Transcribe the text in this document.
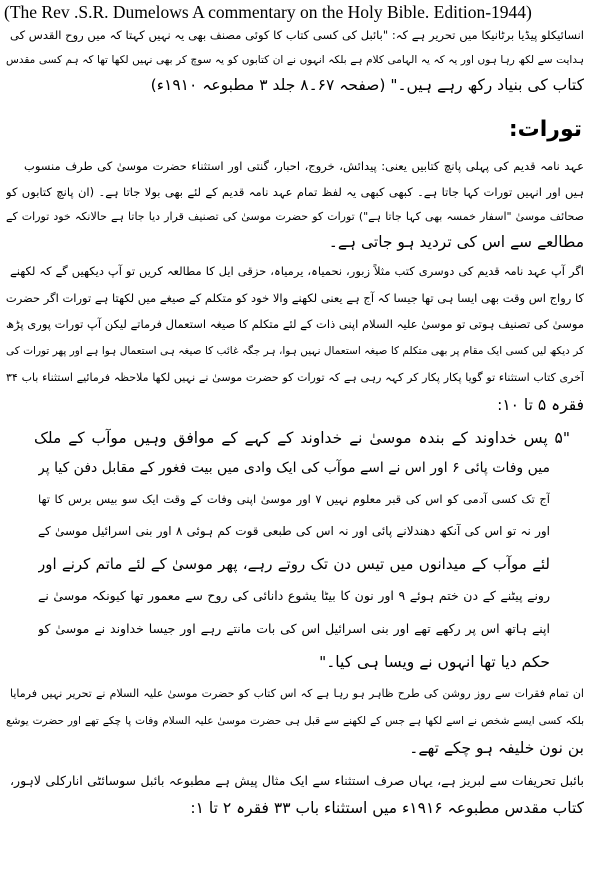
(The Rev .S.R. Dumelows A commentary on the Holy Bible. Edition-1944)
انسائیکلو پیڈیا برٹانیکا میں تحریر ہے کہ: "بائبل کی کسی کتاب کا کوئی مصنف بھی یہ نہیں کہتا کہ میں روح القدس کی
ہدایت سے لکھ رہا ہوں اور یہ کہ یہ الہامی کلام ہے بلکہ انہوں نے ان کتابوں کو یہ سوچ کر بھی نہیں لکھا تھا کہ ہم کسی مقدس
کتاب کی بنیاد رکھ رہے ہیں۔" (صفحہ ۶۷۔۸ جلد ۳ مطبوعہ ۱۹۱۰ء)
تورات:
عہد نامہ قدیم کی پہلی پانچ کتابیں یعنی: پیدائش، خروج، احبار، گنتی اور استثناء حضرت موسیٰ کی طرف منسوب
ہیں اور انہیں تورات کہا جاتا ہے۔ کبھی کبھی یہ لفظ تمام عہد نامہ قدیم کے لئے بھی بولا جاتا ہے۔ (ان پانچ کتابوں کو
صحائف موسیٰ "اسفار خمسہ بھی کہا جاتا ہے") تورات کو حضرت موسیٰ کی تصنیف قرار دیا جاتا ہے حالانکہ خود تورات کے
مطالعے سے اس کی تردید ہو جاتی ہے۔
اگر آپ عہد نامہ قدیم کی دوسری کتب مثلاً زبور، نحمیاہ، یرمیاہ، حزقی ایل کا مطالعہ کریں تو آپ دیکھیں گے کہ لکھنے
کا رواج اس وقت بھی ایسا ہی تھا جیسا کہ آج ہے یعنی لکھنے والا خود کو متکلم کے صیغے میں لکھتا ہے تورات اگر حضرت
موسیٰ کی تصنیف ہوتی تو موسیٰ علیہ السلام اپنی ذات کے لئے متکلم کا صیغہ استعمال فرماتے لیکن آپ تورات پوری پڑھ
کر دیکھ لیں کسی ایک مقام پر بھی متکلم کا صیغہ استعمال نہیں ہوا، ہر جگہ غائب کا صیغہ ہی استعمال ہوا ہے اور پھر تورات کی
آخری کتاب استثناء تو گویا پکار پکار کر کہہ رہی ہے کہ تورات کو حضرت موسیٰ نے نہیں لکھا ملاحظہ فرمائیے استثناء باب ۳۴
فقرہ ۵ تا ۱۰:
"۵ پس خداوند کے بندہ موسیٰ نے خداوند کے کہے کے موافق وہیں موآب کے ملک
میں وفات پائی ۶ اور اس نے اسے موآب کی ایک وادی میں بیت فغور کے مقابل دفن کیا پر
آج تک کسی آدمی کو اس کی قبر معلوم نہیں ۷ اور موسیٰ اپنی وفات کے وقت ایک سو بیس برس کا تھا
اور نہ تو اس کی آنکھ دھندلانے پائی اور نہ اس کی طبعی قوت کم ہوئی ۸ اور بنی اسرائیل موسیٰ کے
لئے موآب کے میدانوں میں تیس دن تک روتے رہے، پھر موسیٰ کے لئے ماتم کرنے اور
رونے پیٹنے کے دن ختم ہوئے ۹ اور نون کا بیٹا یشوع دانائی کی روح سے معمور تھا کیونکہ موسیٰ نے
اپنے ہاتھ اس پر رکھے تھے اور بنی اسرائیل اس کی بات مانتے رہے اور جیسا خداوند نے موسیٰ کو
حکم دیا تھا انہوں نے ویسا ہی کیا۔"
ان تمام فقرات سے روز روشن کی طرح ظاہر ہو رہا ہے کہ اس کتاب کو حضرت موسیٰ علیہ السلام نے تحریر نہیں فرمایا
بلکہ کسی ایسے شخص نے اسے لکھا ہے جس کے لکھنے سے قبل ہی حضرت موسیٰ علیہ السلام وفات پا چکے تھے اور حضرت یوشع
بن نون خلیفہ ہو چکے تھے۔
بائبل تحریفات سے لبریز ہے، یہاں صرف استثناء سے ایک مثال پیش ہے مطبوعہ بائبل سوسائٹی انارکلی لاہور،
کتاب مقدس مطبوعہ ۱۹۱۶ء میں استثناء باب ۳۳ فقرہ ۲ تا ۱:
